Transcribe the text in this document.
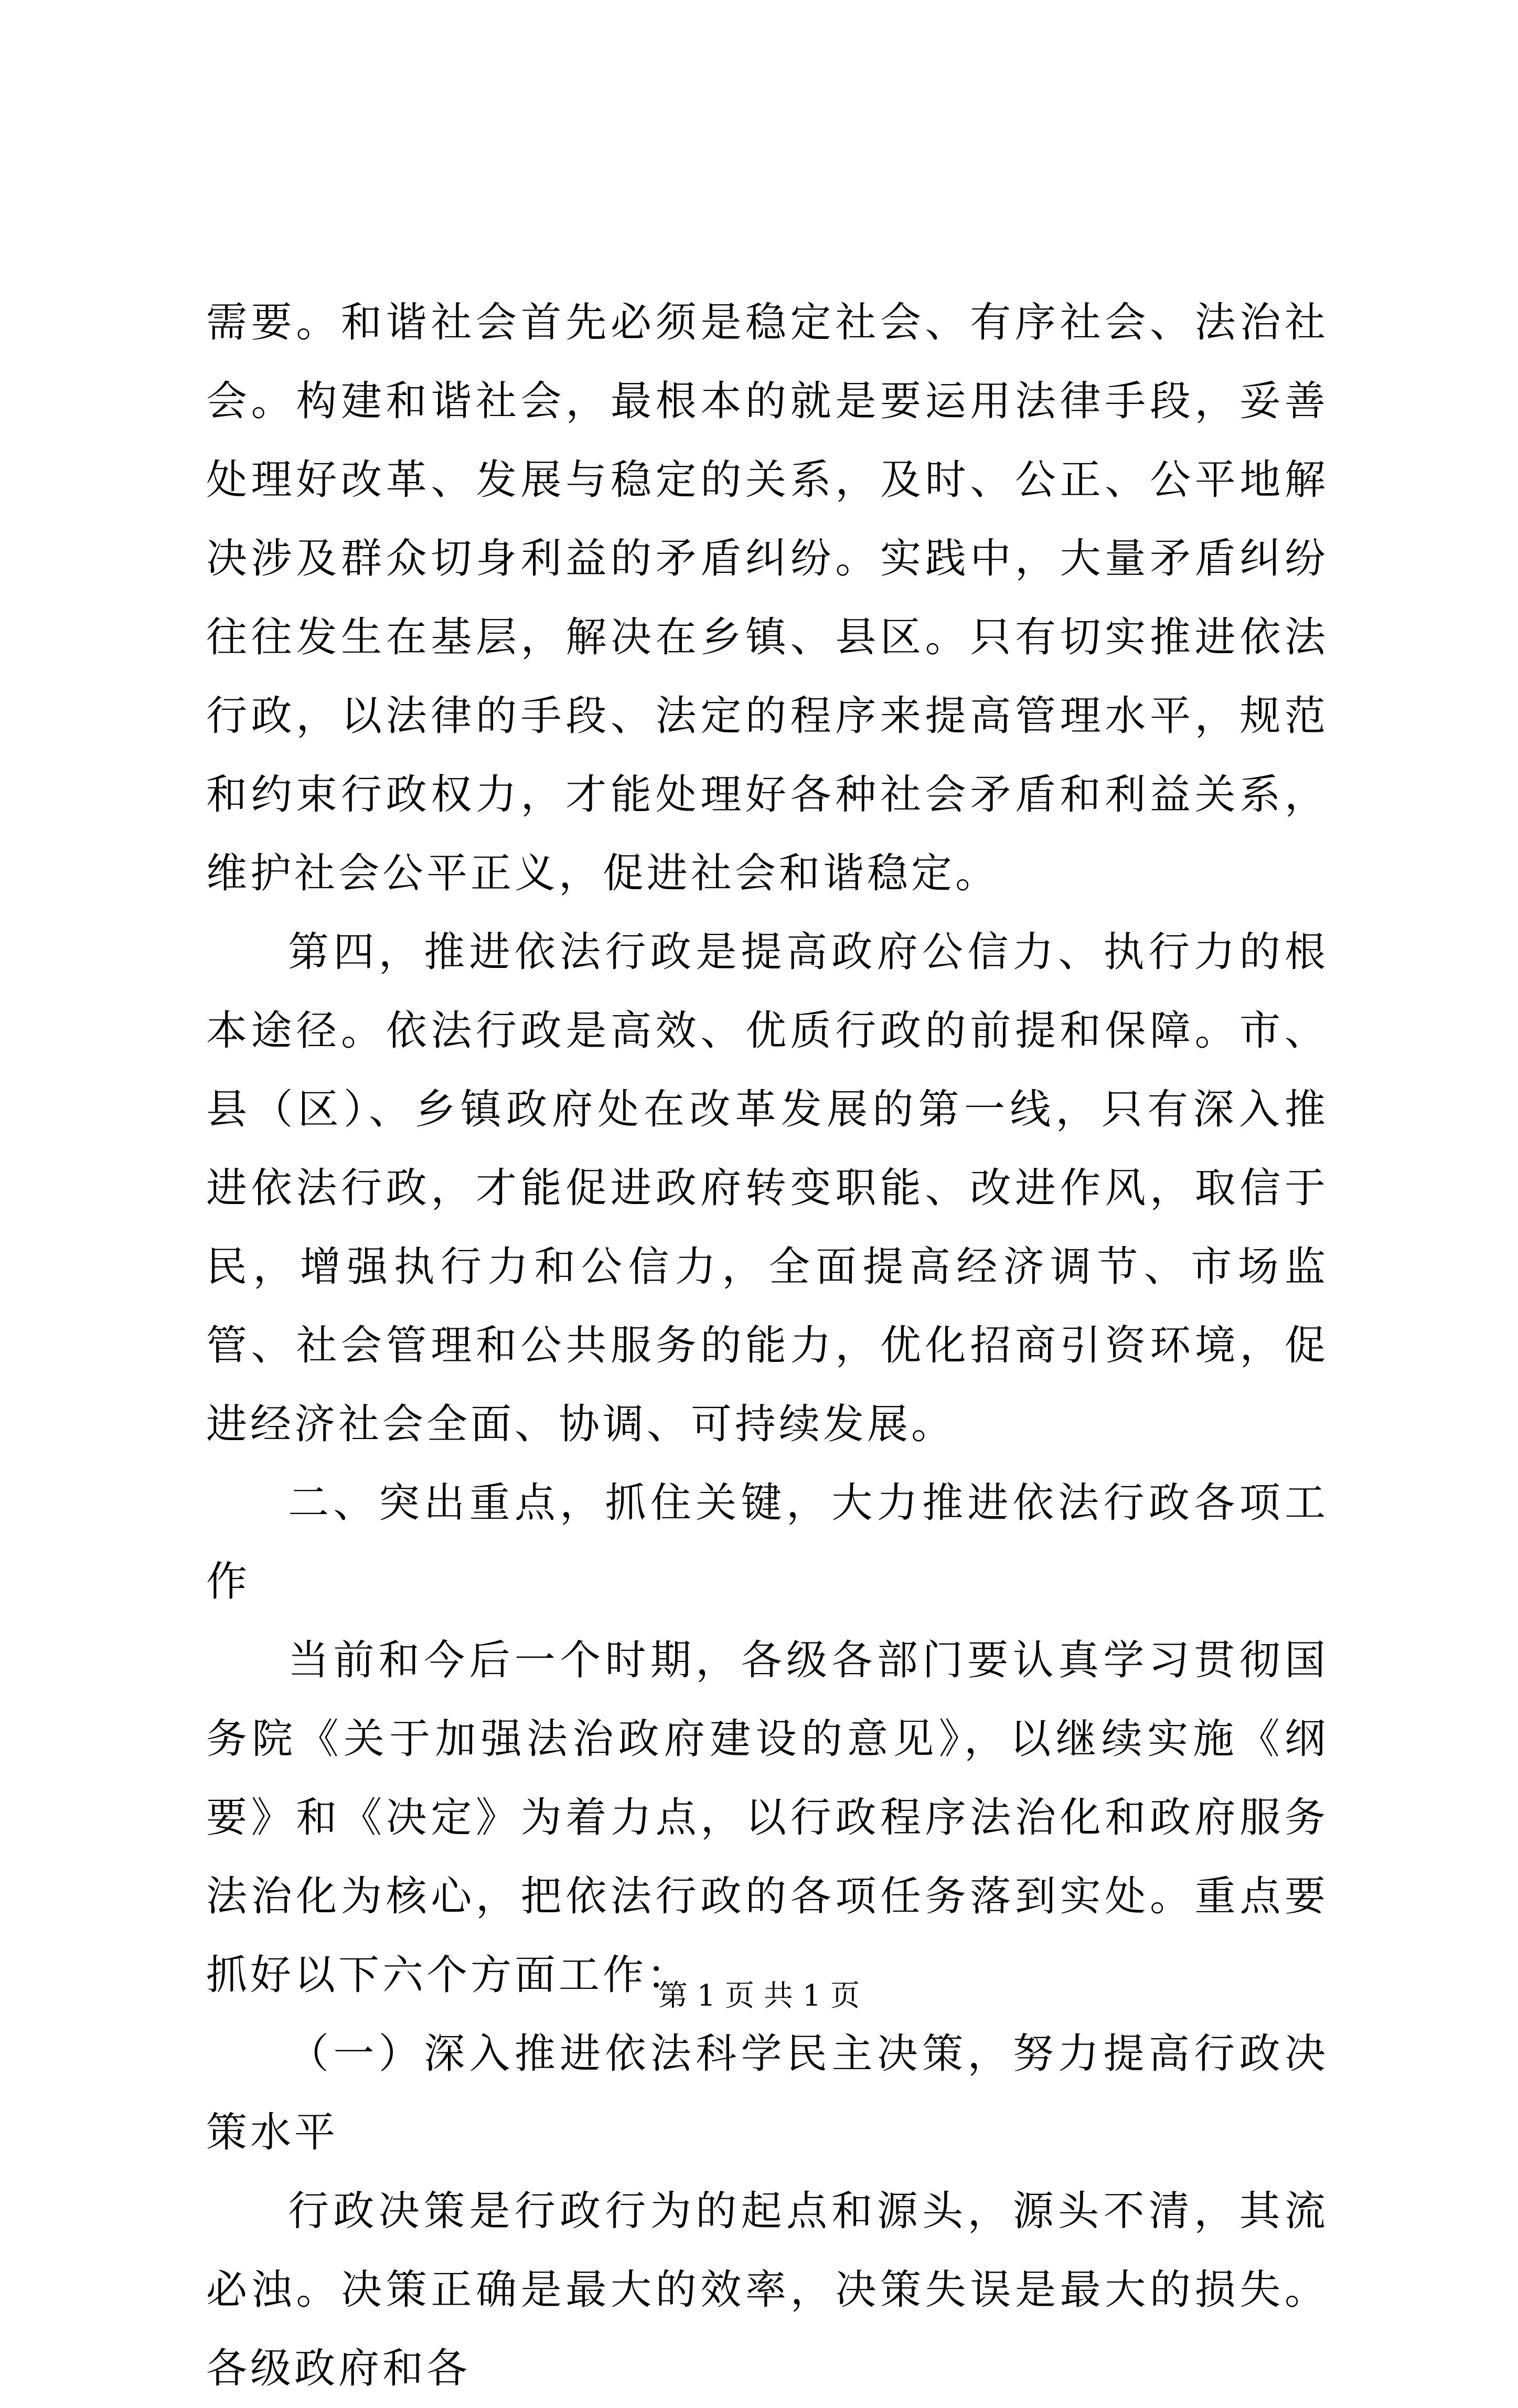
需要。和谐社会首先必须是稳定社会、有序社会、法治社会。构建和谐社会，最根本的就是要运用法律手段，妥善处理好改革、发展与稳定的关系，及时、公正、公平地解决涉及群众切身利益的矛盾纠纷。实践中，大量矛盾纠纷往往发生在基层，解决在乡镇、县区。只有切实推进依法行政，以法律的手段、法定的程序来提高管理水平，规范和约束行政权力，才能处理好各种社会矛盾和利益关系，维护社会公平正义，促进社会和谐稳定。

第四，推进依法行政是提高政府公信力、执行力的根本途径。依法行政是高效、优质行政的前提和保障。市、县（区）、乡镇政府处在改革发展的第一线，只有深入推进依法行政，才能促进政府转变职能、改进作风，取信于民，增强执行力和公信力，全面提高经济调节、市场监管、社会管理和公共服务的能力，优化招商引资环境，促进经济社会全面、协调、可持续发展。

二、突出重点，抓住关键，大力推进依法行政各项工作

当前和今后一个时期，各级各部门要认真学习贯彻国务院《关于加强法治政府建设的意见》，以继续实施《纲要》和《决定》为着力点，以行政程序法治化和政府服务法治化为核心，把依法行政的各项任务落到实处。重点要抓好以下六个方面工作：

（一）深入推进依法科学民主决策，努力提高行政决策水平

行政决策是行政行为的起点和源头，源头不清，其流必浊。决策正确是最大的效率，决策失误是最大的损失。各级政府和各

第 1 页 共 1 页
